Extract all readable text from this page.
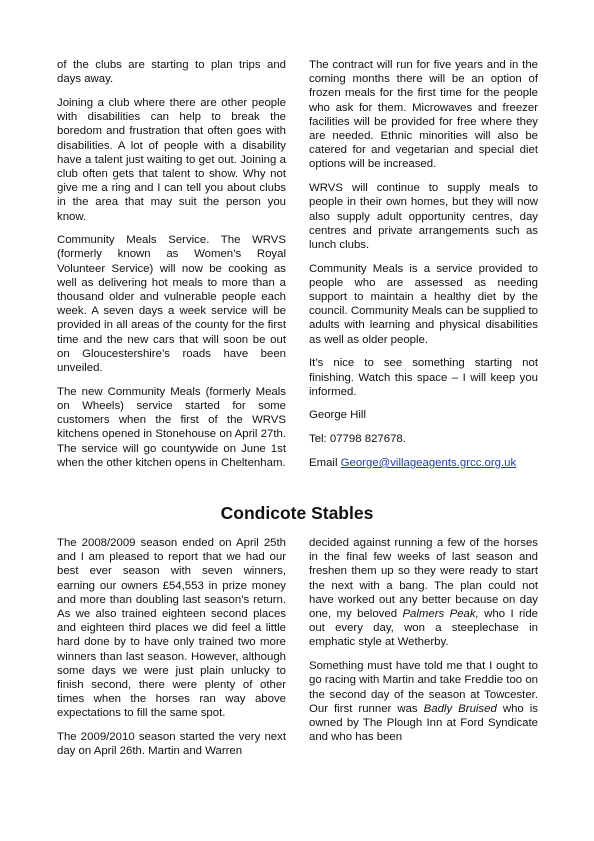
of the clubs are starting to plan trips and days away.

Joining a club where there are other people with disabilities can help to break the boredom and frustration that often goes with disabilities. A lot of people with a disability have a talent just waiting to get out. Joining a club often gets that talent to show. Why not give me a ring and I can tell you about clubs in the area that may suit the person you know.

Community Meals Service. The WRVS (formerly known as Women’s Royal Volunteer Service) will now be cooking as well as delivering hot meals to more than a thousand older and vulnerable people each week. A seven days a week service will be provided in all areas of the county for the first time and the new cars that will soon be out on Gloucestershire’s roads have been unveiled.

The new Community Meals (formerly Meals on Wheels) service started for some customers when the first of the WRVS kitchens opened in Stonehouse on April 27th. The service will go countywide on June 1st when the other kitchen opens in Cheltenham.

The contract will run for five years and in the coming months there will be an option of frozen meals for the first time for the people who ask for them. Microwaves and freezer facilities will be provided for free where they are needed. Ethnic minorities will also be catered for and vegetarian and special diet options will be increased.

WRVS will continue to supply meals to people in their own homes, but they will now also supply adult opportunity centres, day centres and private arrangements such as lunch clubs.

Community Meals is a service provided to people who are assessed as needing support to maintain a healthy diet by the council. Community Meals can be supplied to adults with learning and physical disabilities as well as older people.

It’s nice to see something starting not finishing. Watch this space – I will keep you informed.

George Hill

Tel: 07798 827678.

Email George@villageagents.grcc.org.uk

Condicote Stables

The 2008/2009 season ended on April 25th and I am pleased to report that we had our best ever season with seven winners, earning our owners £54,553 in prize money and more than doubling last season’s return. As we also trained eighteen second places and eighteen third places we did feel a little hard done by to have only trained two more winners than last season. However, although some days we were just plain unlucky to finish second, there were plenty of other times when the horses ran way above expectations to fill the same spot.

The 2009/2010 season started the very next day on April 26th. Martin and Warren

decided against running a few of the horses in the final few weeks of last season and freshen them up so they were ready to start the next with a bang. The plan could not have worked out any better because on day one, my beloved Palmers Peak, who I ride out every day, won a steeplechase in emphatic style at Wetherby.

Something must have told me that I ought to go racing with Martin and take Freddie too on the second day of the season at Towcester. Our first runner was Badly Bruised who is owned by The Plough Inn at Ford Syndicate and who has been
